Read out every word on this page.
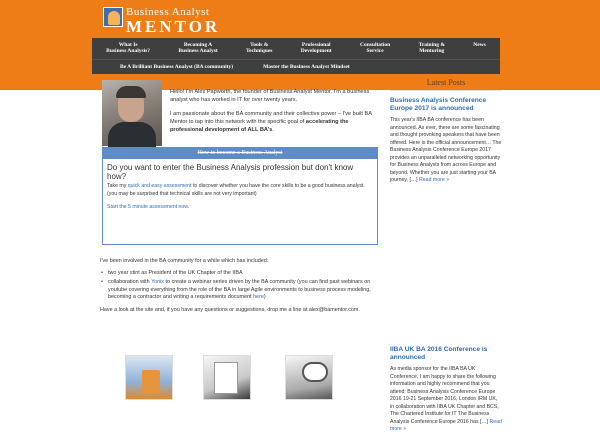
Business Analyst
MENTOR
What Is
Business Analysis?
Becoming A
Business Analyst
Tools &
Techniques
Professional
Development
Consultation
Service
Training &
Mentoring
News
Be A Brilliant Business Analyst (BA community)	Master the Business Analyst Mindset

Hello! I'm Alex Papworth, the founder of Business Analyst Mentor. I'm a business analyst who has worked in IT for over twenty years.

I am passionate about the BA community and their collective power – I've built BA Mentor to tap into this network with the specific goal of accelerating the professional development of ALL BA's.

How to become a Business Analyst
Do you want to enter the Business Analysis profession but don't know how?
Take my quick and easy assessment to discover whether you have the core skills to be a good business analyst.
(you may be surprised that technical skills are not very important)
Start the 5 minute assessment now.
I've been involved in the BA community for a while which has included:
• two year stint as President of the UK Chapter of the IIBA
• collaboration with Yonix to create a webinar series driven by the BA community (you can find past webinars on youtube covering everything from the role of the BA in large Agile environments to business process modeling, becoming a contractor and writing a requirements document here)
Have a look at the site and, if you have any questions or suggestions, drop me a line at alex@bamentor.com.
Latest Posts
Business Analysis Conference Europe 2017 is announced
This year's IIBA BA conference has been announced. As ever, there are some fascinating and thought provoking speakers that have been offered. Here is the official announcement… The Business Analysis Conference Europe 2017 provides an unparalleled networking opportunity for Business Analysts from across Europe and beyond. Whether you are just starting your BA journey, […] Read more »
IIBA UK BA 2016 Conference is announced
As media sponsor for the IIBA BA UK Conference, I am happy to share the following information and highly recommend that you attend: Business Analysis Conference Europe 2016 19-21 September 2016, London IRM UK, in collaboration with IIBA UK Chapter and BCS, The Chartered Institute for IT The Business Analysis Conference Europe 2016 has […] Read more »
